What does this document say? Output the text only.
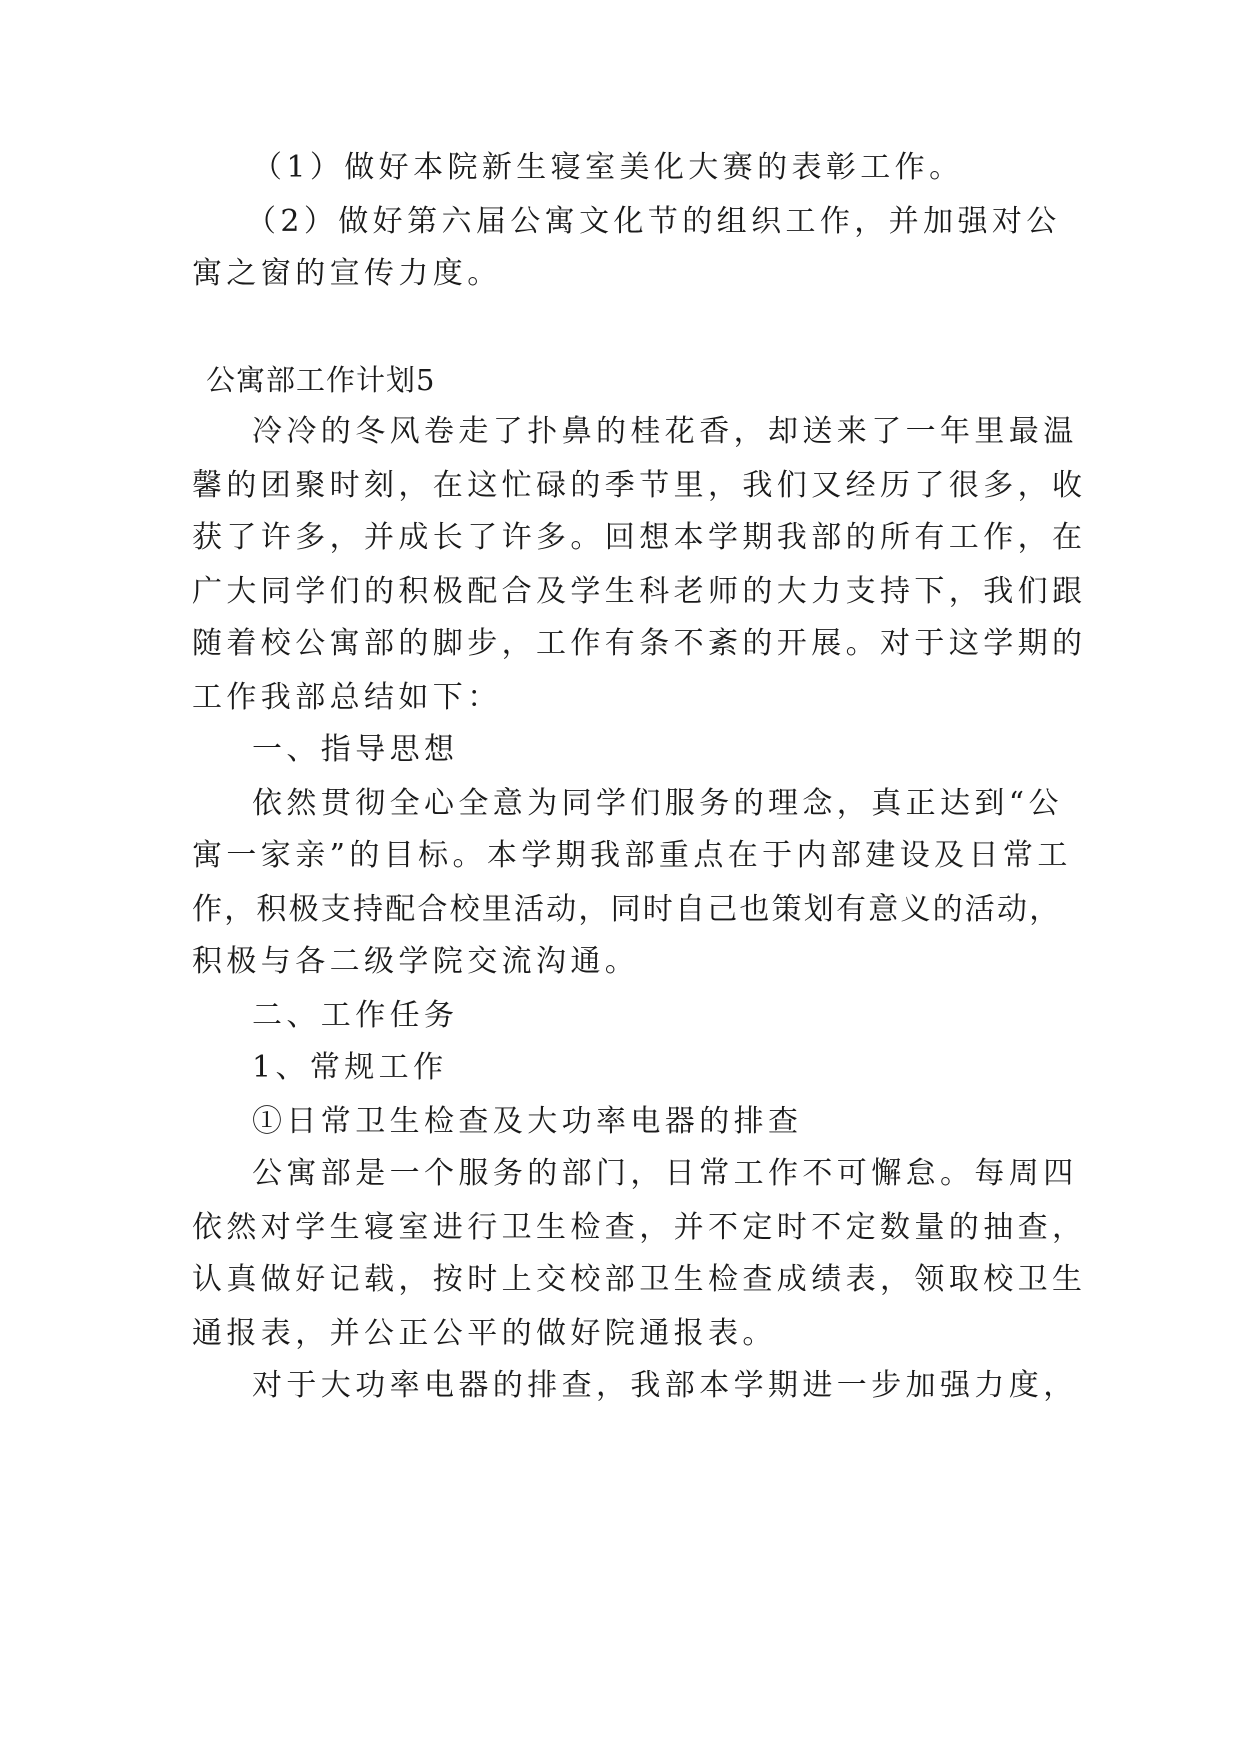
（1）做好本院新生寝室美化大赛的表彰工作。
（2）做好第六届公寓文化节的组织工作，并加强对公
寓之窗的宣传力度。
公寓部工作计划5
冷冷的冬风卷走了扑鼻的桂花香，却送来了一年里最温
馨的团聚时刻，在这忙碌的季节里，我们又经历了很多，收
获了许多，并成长了许多。回想本学期我部的所有工作，在
广大同学们的积极配合及学生科老师的大力支持下，我们跟
随着校公寓部的脚步，工作有条不紊的开展。对于这学期的
工作我部总结如下：
一、指导思想
依然贯彻全心全意为同学们服务的理念，真正达到“公
寓一家亲”的目标。本学期我部重点在于内部建设及日常工
作，积极支持配合校里活动，同时自己也策划有意义的活动，
积极与各二级学院交流沟通。
二、工作任务
1、常规工作
①日常卫生检查及大功率电器的排查
公寓部是一个服务的部门，日常工作不可懈怠。每周四
依然对学生寝室进行卫生检查，并不定时不定数量的抽查，
认真做好记载，按时上交校部卫生检查成绩表，领取校卫生
通报表，并公正公平的做好院通报表。
对于大功率电器的排查，我部本学期进一步加强力度，
